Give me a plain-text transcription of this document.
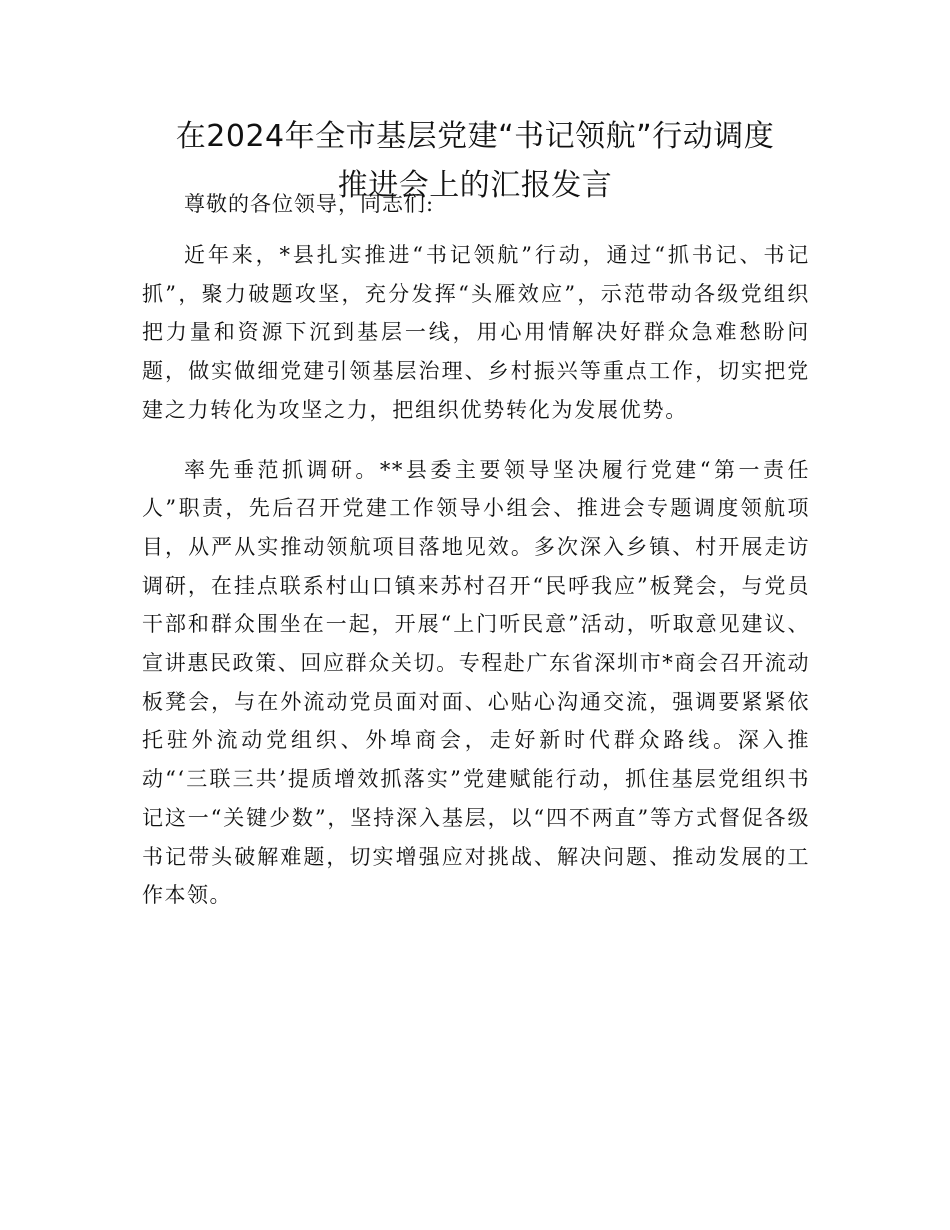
在2024年全市基层党建“书记领航”行动调度
推进会上的汇报发言

尊敬的各位领导，同志们:

近年来，*县扎实推进“书记领航”行动，通过“抓书记、书记抓”，聚力破题攻坚，充分发挥“头雁效应”，示范带动各级党组织把力量和资源下沉到基层一线，用心用情解决好群众急难愁盼问题，做实做细党建引领基层治理、乡村振兴等重点工作，切实把党建之力转化为攻坚之力，把组织优势转化为发展优势。

率先垂范抓调研。**县委主要领导坚决履行党建“第一责任人”职责，先后召开党建工作领导小组会、推进会专题调度领航项目，从严从实推动领航项目落地见效。多次深入乡镇、村开展走访调研，在挂点联系村山口镇来苏村召开“民呼我应”板凳会，与党员干部和群众围坐在一起，开展“上门听民意”活动，听取意见建议、宣讲惠民政策、回应群众关切。专程赴广东省深圳市*商会召开流动板凳会，与在外流动党员面对面、心贴心沟通交流，强调要紧紧依托驻外流动党组织、外埠商会，走好新时代群众路线。深入推动“‘三联三共’提质增效抓落实”党建赋能行动，抓住基层党组织书记这一“关键少数”，坚持深入基层，以“四不两直”等方式督促各级书记带头破解难题，切实增强应对挑战、解决问题、推动发展的工作本领。
